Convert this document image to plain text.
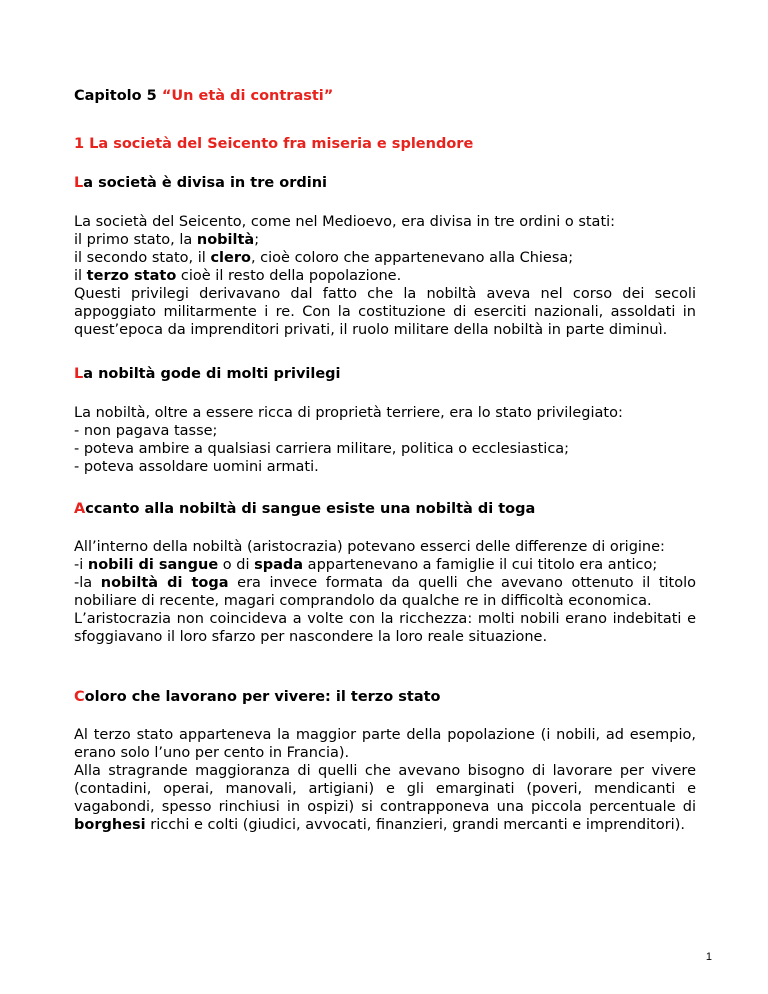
Capitolo 5 “Un età di contrasti”

1 La società del Seicento fra miseria e splendore

La società è divisa in tre ordini

La società del Seicento, come nel Medioevo, era divisa in tre ordini o stati:
il primo stato, la nobiltà;
il secondo stato, il clero, cioè coloro che appartenevano alla Chiesa;
il terzo stato cioè il resto della popolazione.
Questi privilegi derivavano dal fatto che la nobiltà aveva nel corso dei secoli appoggiato militarmente i re. Con la costituzione di eserciti nazionali, assoldati in quest’epoca da imprenditori privati, il ruolo militare della nobiltà in parte diminuì.

La nobiltà gode di molti privilegi

La nobiltà, oltre a essere ricca di proprietà terriere, era lo stato privilegiato:
- non pagava tasse;
- poteva ambire a qualsiasi carriera militare, politica o ecclesiastica;
- poteva assoldare uomini armati.

Accanto alla nobiltà di sangue esiste una nobiltà di toga

All’interno della nobiltà (aristocrazia) potevano esserci delle differenze di origine:
-i nobili di sangue o di spada appartenevano a famiglie il cui titolo era antico;
-la nobiltà di toga era invece formata da quelli che avevano ottenuto il titolo nobiliare di recente, magari comprandolo da qualche re in difficoltà economica.
L’aristocrazia non coincideva a volte con la ricchezza: molti nobili erano indebitati e sfoggiavano il loro sfarzo per nascondere la loro reale situazione.

Coloro che lavorano per vivere: il terzo stato

Al terzo stato apparteneva la maggior parte della popolazione (i nobili, ad esempio, erano solo l’uno per cento in Francia).
Alla stragrande maggioranza di quelli che avevano bisogno di lavorare per vivere (contadini, operai, manovali, artigiani) e gli emarginati (poveri, mendicanti e vagabondi, spesso rinchiusi in ospizi) si contrapponeva una piccola percentuale di borghesi ricchi e colti (giudici, avvocati, finanzieri, grandi mercanti e imprenditori).
1
